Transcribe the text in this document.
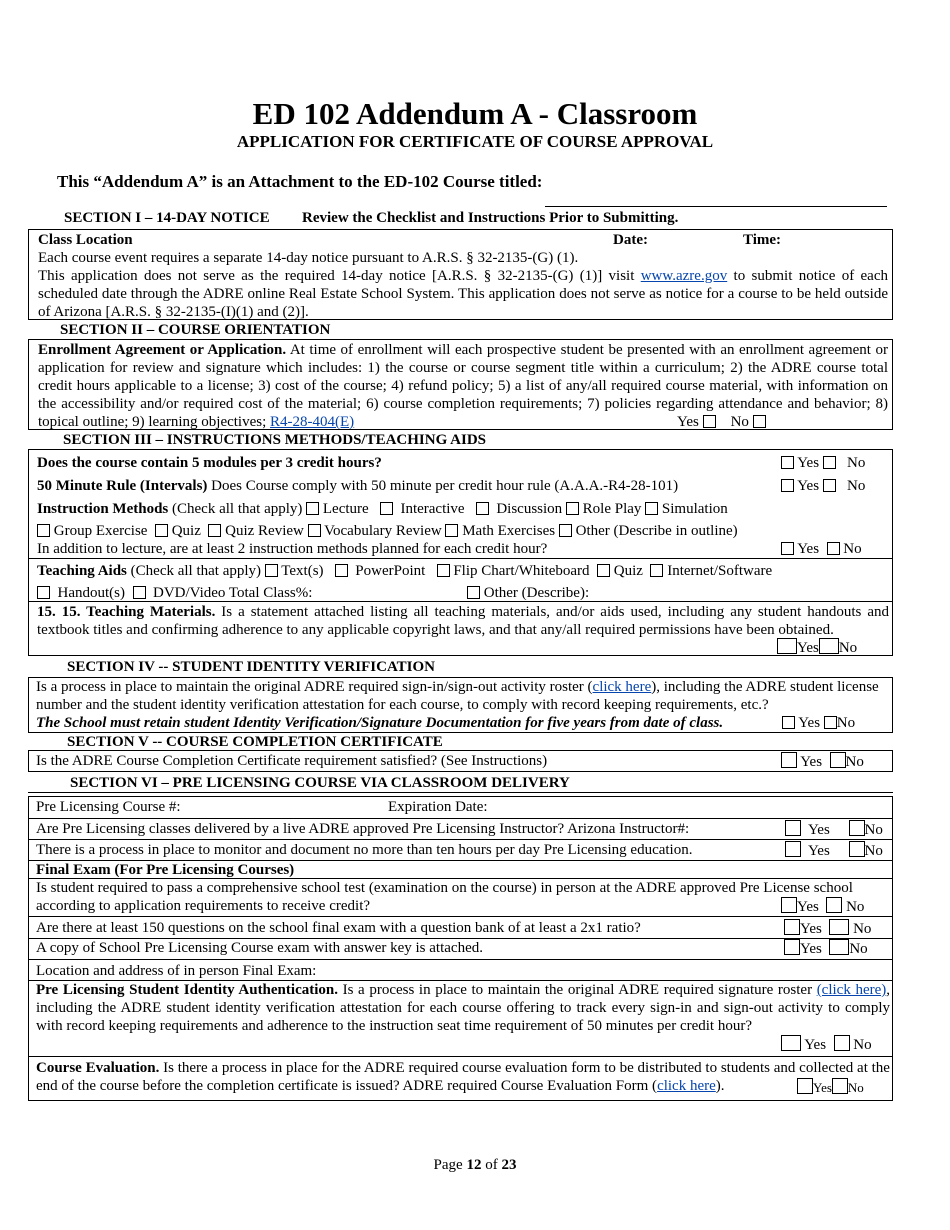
ED 102 Addendum A - Classroom
APPLICATION FOR CERTIFICATE OF COURSE APPROVAL
This “Addendum A” is an Attachment to the ED-102 Course titled:
SECTION I – 14-DAY NOTICE Review the Checklist and Instructions Prior to Submitting.
Class Location	Date:	Time:
Each course event requires a separate 14-day notice pursuant to A.R.S. § 32-2135-(G) (1).
This application does not serve as the required 14-day notice [A.R.S. § 32-2135-(G) (1)] visit www.azre.gov to submit notice of each scheduled date through the ADRE online Real Estate School System. This application does not serve as notice for a course to be held outside of Arizona [A.R.S. § 32-2135-(I)(1) and (2)].
SECTION II – COURSE ORIENTATION
Enrollment Agreement or Application. At time of enrollment will each prospective student be presented with an enrollment agreement or application for review and signature which includes: 1) the course or course segment title within a curriculum; 2) the ADRE course total credit hours applicable to a license; 3) cost of the course; 4) refund policy; 5) a list of any/all required course material, with information on the accessibility and/or required cost of the material; 6) course completion requirements; 7) policies regarding attendance and behavior; 8) topical outline; 9) learning objectives; R4-28-404(E)	Yes No
SECTION III – INSTRUCTIONS METHODS/TEACHING AIDS
Does the course contain 5 modules per 3 credit hours?	Yes No
50 Minute Rule (Intervals) Does Course comply with 50 minute per credit hour rule (A.A.A.-R4-28-101)	Yes No
Instruction Methods (Check all that apply)  Lecture Interactive Discussion Role Play Simulation
Group Exercise Quiz Quiz Review Vocabulary Review Math Exercises Other (Describe in outline)
In addition to lecture, are at least 2 instruction methods planned for each credit hour?	Yes No
Teaching Aids (Check all that apply)  Text(s) PowerPoint Flip Chart/Whiteboard Quiz Internet/Software
Handout(s) DVD/Video Total Class%:	Other (Describe):
15. 15. Teaching Materials. Is a statement attached listing all teaching materials, and/or aids used, including any student handouts and textbook titles and confirming adherence to any applicable copyright laws, and that any/all required permissions have been obtained.
Yes No
SECTION IV -- STUDENT IDENTITY VERIFICATION
Is a process in place to maintain the original ADRE required sign-in/sign-out activity roster (click here), including the ADRE student license number and the student identity verification attestation for each course, to comply with record keeping requirements, etc.?
The School must retain student Identity Verification/Signature Documentation for five years from date of class.	Yes No
SECTION V -- COURSE COMPLETION CERTIFICATE
Is the ADRE Course Completion Certificate requirement satisfied? (See Instructions)	Yes No
SECTION VI – PRE LICENSING COURSE VIA CLASSROOM DELIVERY
Pre Licensing Course #:	Expiration Date:
Are Pre Licensing classes delivered by a live ADRE approved Pre Licensing Instructor? Arizona Instructor#:	Yes No
There is a process in place to monitor and document no more than ten hours per day Pre Licensing education.	Yes No
Final Exam (For Pre Licensing Courses)
Is student required to pass a comprehensive school test (examination on the course) in person at the ADRE approved Pre License school according to application requirements to receive credit?	Yes No
Are there at least 150 questions on the school final exam with a question bank of at least a 2x1 ratio?	Yes No
A copy of School Pre Licensing Course exam with answer key is attached.	Yes No
Location and address of in person Final Exam:
Pre Licensing Student Identity Authentication. Is a process in place to maintain the original ADRE required signature roster (click here), including the ADRE student identity verification attestation for each course offering to track every sign-in and sign-out activity to comply with record keeping requirements and adherence to the instruction seat time requirement of 50 minutes per credit hour?
Yes No
Course Evaluation. Is there a process in place for the ADRE required course evaluation form to be distributed to students and collected at the end of the course before the completion certificate is issued? ADRE required Course Evaluation Form (click here).	Yes No
Page 12 of 23
